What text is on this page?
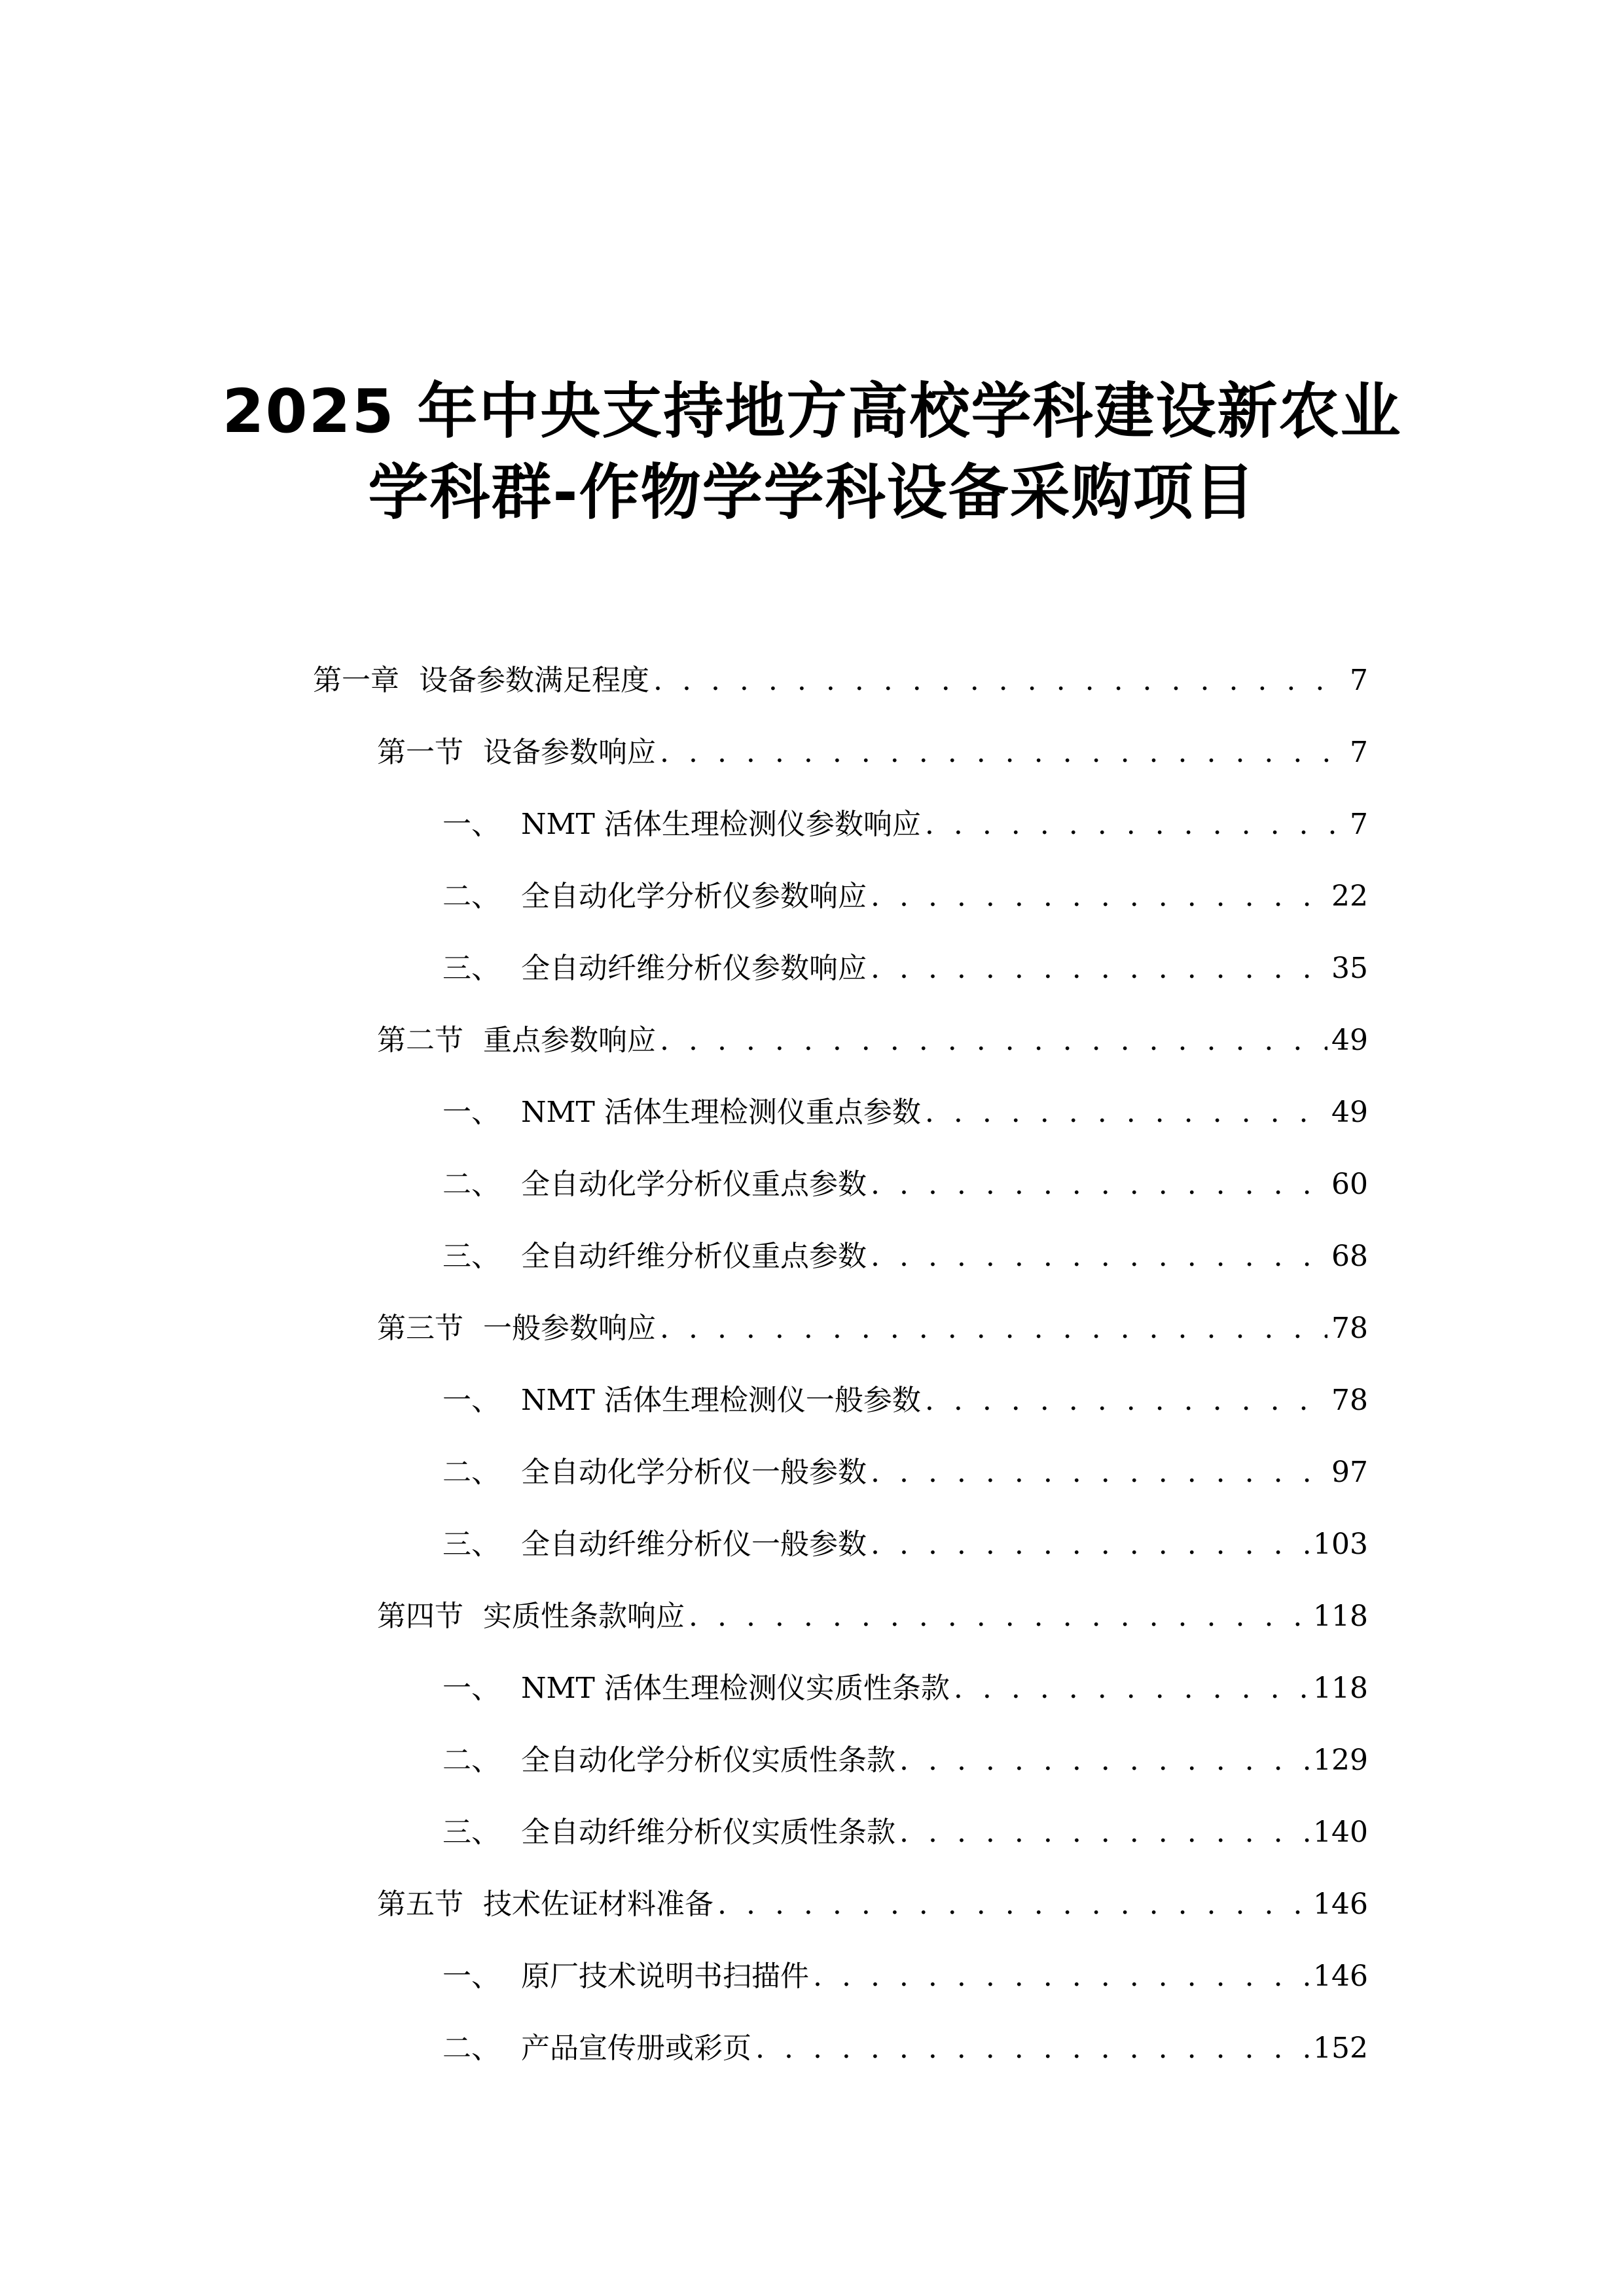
2025 年中央支持地方高校学科建设新农业
学科群-作物学学科设备采购项目
第一章 设备参数满足程度 . . .	7
第一节 设备参数响应 . . .	7
一、 NMT 活体生理检测仪参数响应 . . .	7
二、 全自动化学分析仪参数响应 . . .	22
三、 全自动纤维分析仪参数响应 . . .	35
第二节 重点参数响应 . . .	49
一、 NMT 活体生理检测仪重点参数 . . .	49
二、 全自动化学分析仪重点参数 . . .	60
三、 全自动纤维分析仪重点参数 . . .	68
第三节 一般参数响应 . . .	78
一、 NMT 活体生理检测仪一般参数 . . .	78
二、 全自动化学分析仪一般参数 . . .	97
三、 全自动纤维分析仪一般参数 . . .	103
第四节 实质性条款响应 . . .	118
一、 NMT 活体生理检测仪实质性条款 . . .	118
二、 全自动化学分析仪实质性条款 . . .	129
三、 全自动纤维分析仪实质性条款 . . .	140
第五节 技术佐证材料准备 . . .	146
一、 原厂技术说明书扫描件 . . .	146
二、 产品宣传册或彩页 . . .	152
